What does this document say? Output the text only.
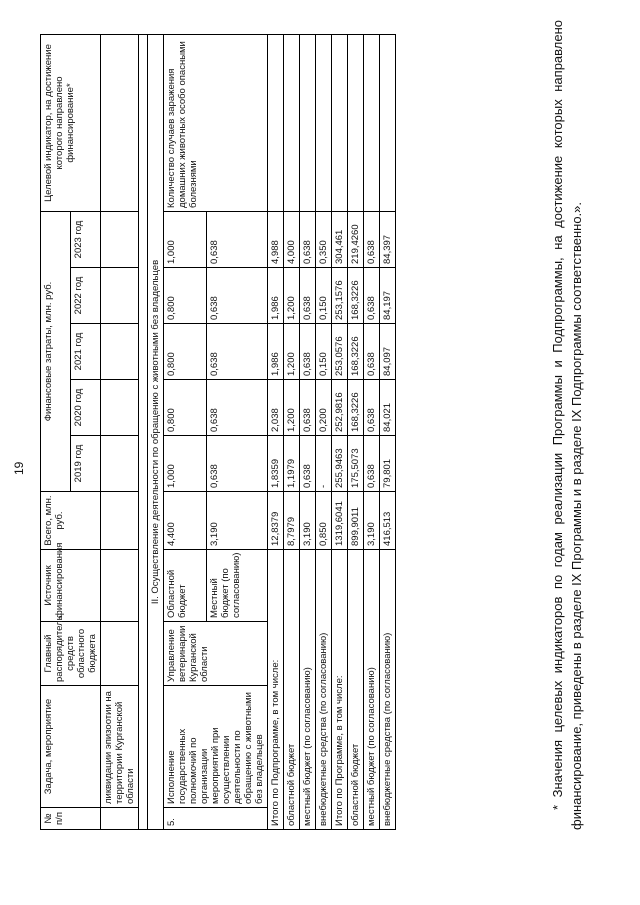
19
№ п/п	Задача, мероприятие	Главный распорядитель средств областного бюджета	Источник финансирования	Всего, млн. руб.	Финансовые затраты, млн. руб.					Целевой индикатор, на достижение которого направлено финансирование*
					2019 год	2020 год	2021 год	2022 год	2023 год	
	ликвидации эпизоотии на территории Курганской области									

II. Осуществление деятельности по обращению с животными без владельцев										
5.	Исполнение государственных полномочий по организации мероприятий при осуществлении деятельности по обращению с животными без владельцев	Управление ветеринарии Курганской области	Областной бюджет	4,400	1,000	0,800	0,800	0,800	1,000	Количество случаев заражения домашних животных особо опасными болезнями
			Местный бюджет (по согласованию)	3,190	0,638	0,638	0,638	0,638	0,638	
Итого по Подпрограмме, в том числе:				12,8379	1,8359	2,038	1,986	1,986	4,988	
областной бюджет				8,7979	1,1979	1,200	1,200	1,200	4,000	
местный бюджет (по согласованию)				3,190	0,638	0,638	0,638	0,638	0,638	
внебюджетные средства (по согласованию)				0,850	-	0,200	0,150	0,150	0,350	
Итого по Программе, в том числе:				1319,6041	255,9463	252,9816	253,0576	253,1576	304,461	
областной бюджет				899,9011	175,5073	168,3226	168,3226	168,3226	219,4260	
местный бюджет (по согласованию)				3,190	0,638	0,638	0,638	0,638	0,638	
внебюджетные средства (по согласованию)				416,513	79,801	84,021	84,097	84,197	84,397		* Значения целевых индикаторов по годам реализации Программы и Подпрограммы, на достижение которых направлено финансирование, приведены в разделе IX Программы и в разделе IX Подпрограммы соответственно.».
